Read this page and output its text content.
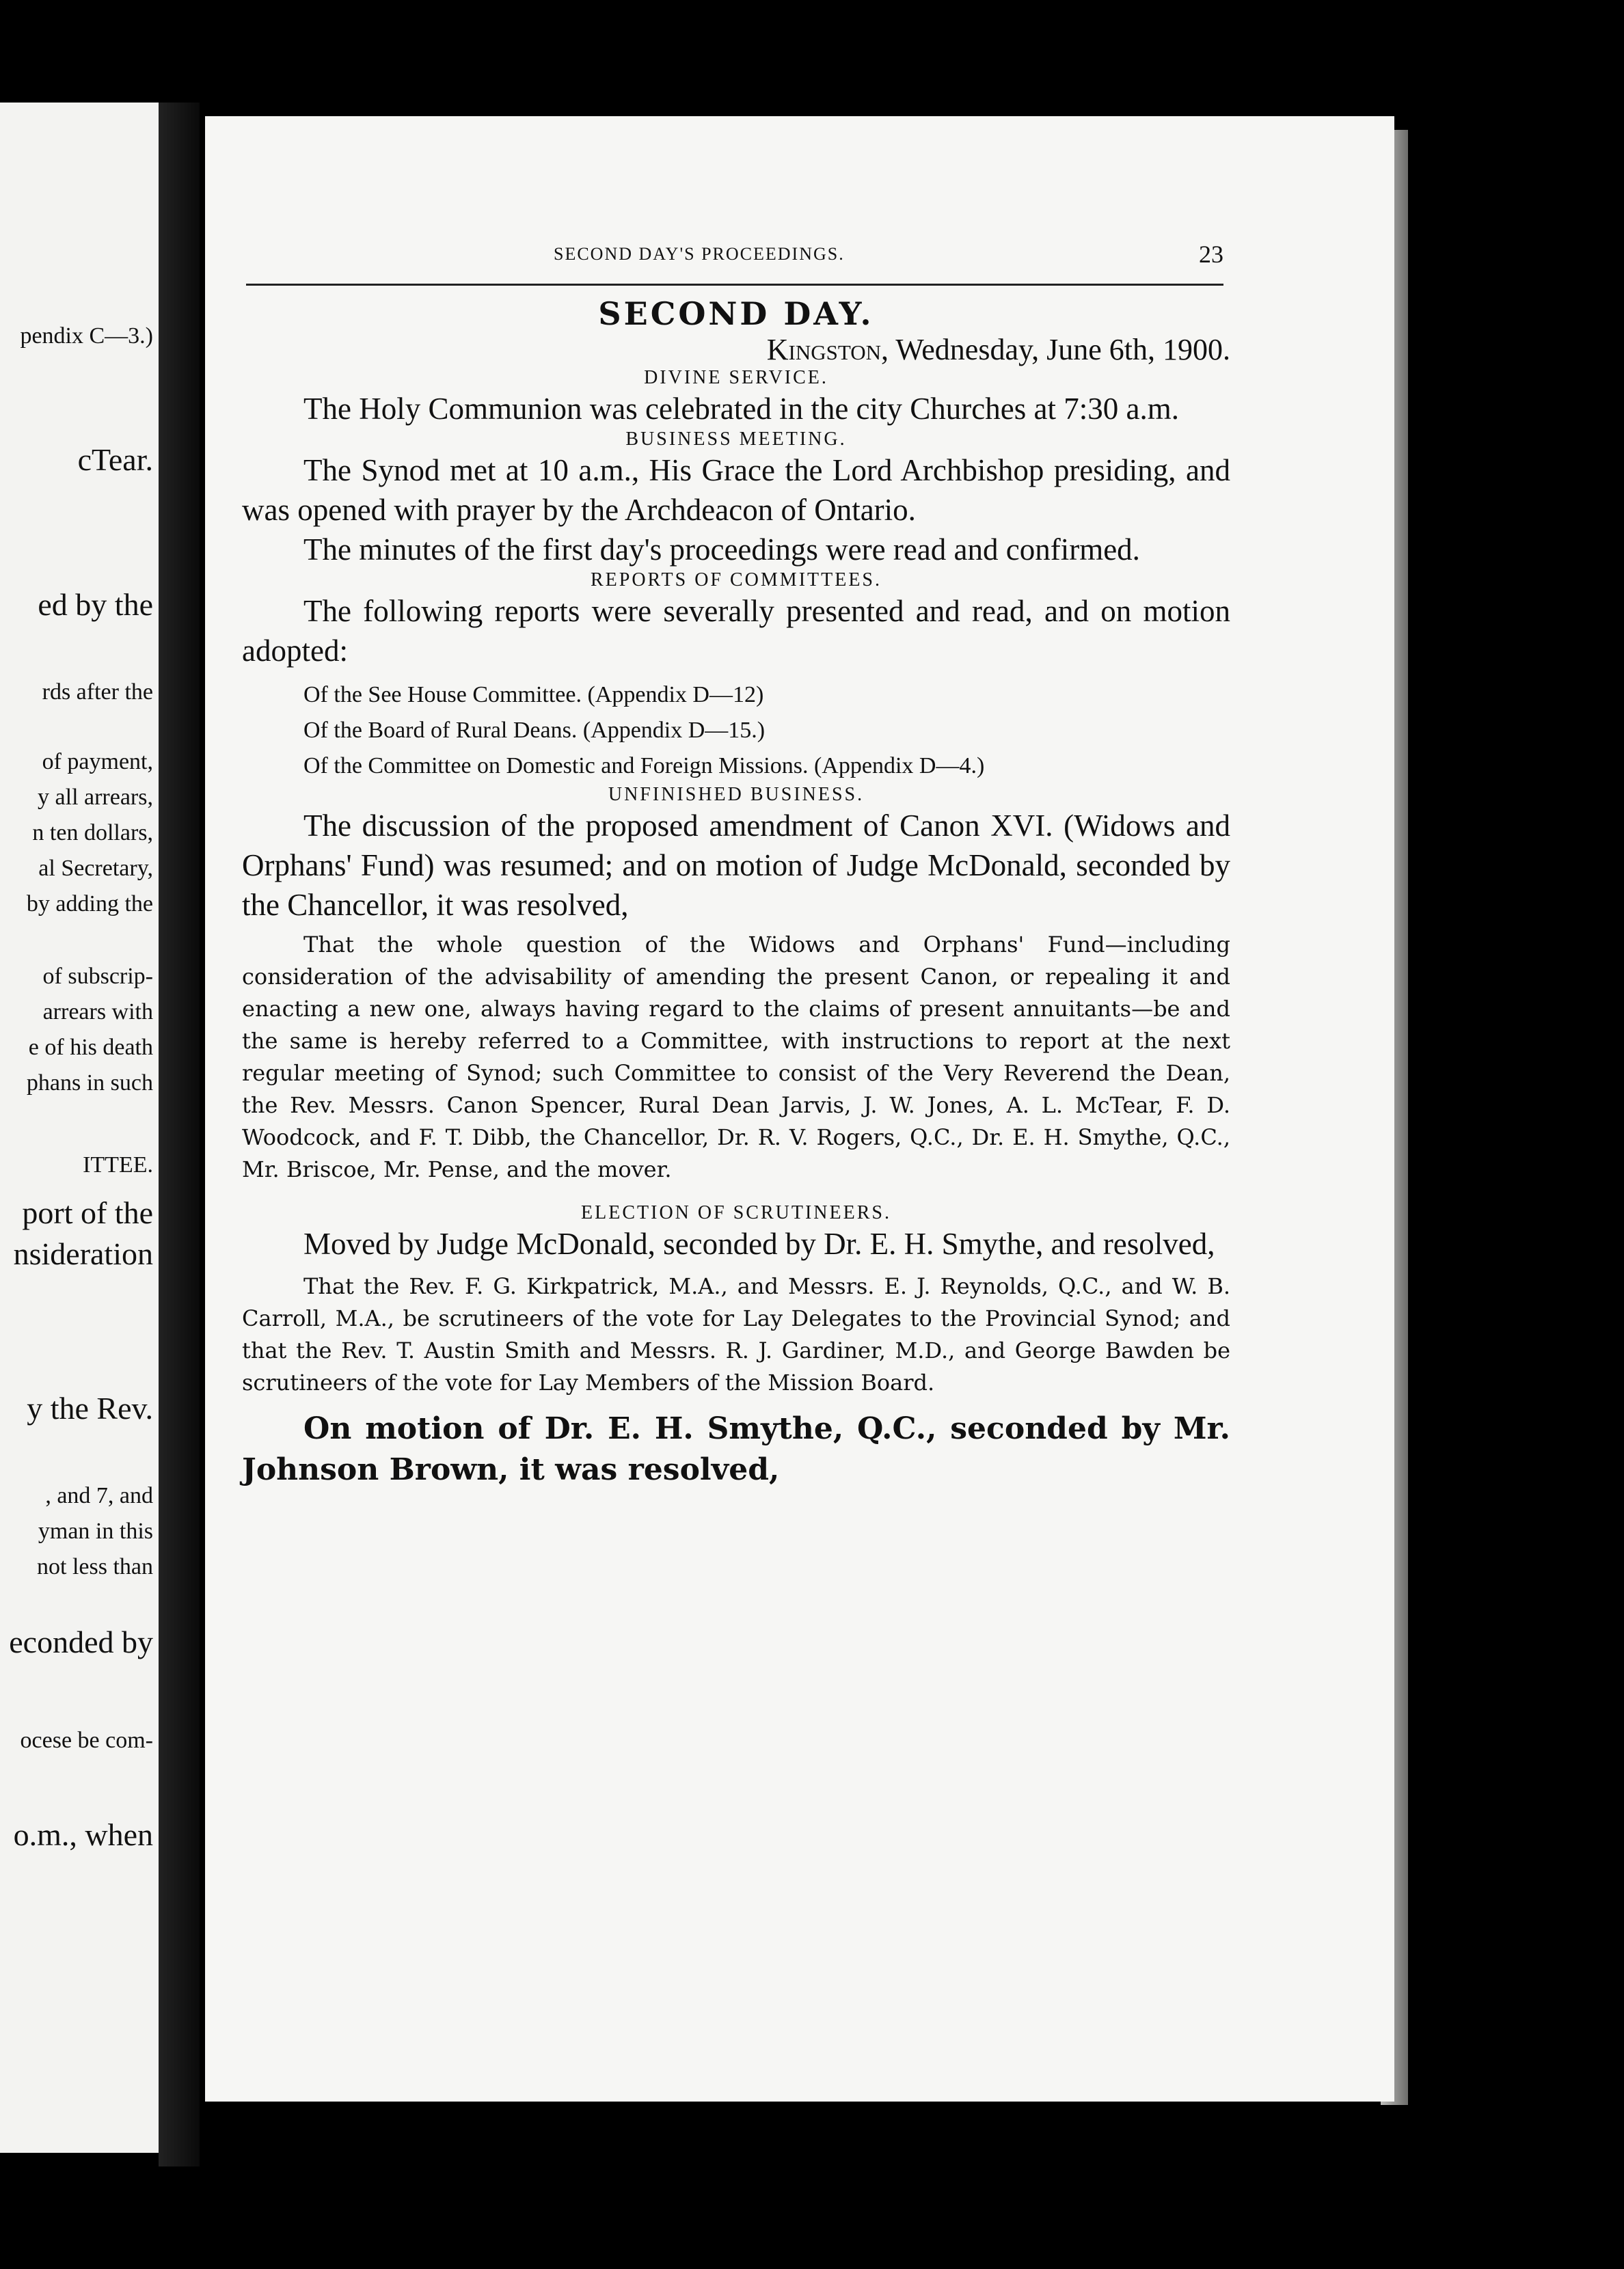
pendix C—3.)
cTear.
ed by the
rds after the
of payment,
y all arrears,
n ten dollars,
al Secretary,
by adding the
of subscrip-
arrears with
e of his death
phans in such
ITTEE.
port of the
nsideration
y the Rev.
, and 7, and
yman in this
not less than
econded by
ocese be com-
o.m., when
SECOND DAY'S PROCEEDINGS.	23

SECOND DAY.

Kingston, Wednesday, June 6th, 1900.

DIVINE SERVICE.

The Holy Communion was celebrated in the city Churches at 7:30 a.m.

BUSINESS MEETING.

The Synod met at 10 a.m., His Grace the Lord Archbishop presiding, and was opened with prayer by the Archdeacon of Ontario.

The minutes of the first day's proceedings were read and confirmed.

REPORTS OF COMMITTEES.

The following reports were severally presented and read, and on motion adopted:

Of the See House Committee. (Appendix D—12)

Of the Board of Rural Deans. (Appendix D—15.)

Of the Committee on Domestic and Foreign Missions. (Appendix D—4.)

UNFINISHED BUSINESS.

The discussion of the proposed amendment of Canon XVI. (Widows and Orphans' Fund) was resumed; and on motion of Judge McDonald, seconded by the Chancellor, it was resolved,

That the whole question of the Widows and Orphans' Fund—including consideration of the advisability of amending the present Canon, or repealing it and enacting a new one, always having regard to the claims of present annuitants—be and the same is hereby referred to a Committee, with instructions to report at the next regular meeting of Synod; such Committee to consist of the Very Reverend the Dean, the Rev. Messrs. Canon Spencer, Rural Dean Jarvis, J. W. Jones, A. L. McTear, F. D. Woodcock, and F. T. Dibb, the Chancellor, Dr. R. V. Rogers, Q.C., Dr. E. H. Smythe, Q.C., Mr. Briscoe, Mr. Pense, and the mover.

ELECTION OF SCRUTINEERS.

Moved by Judge McDonald, seconded by Dr. E. H. Smythe, and resolved,

That the Rev. F. G. Kirkpatrick, M.A., and Messrs. E. J. Reynolds, Q.C., and W. B. Carroll, M.A., be scrutineers of the vote for Lay Delegates to the Provincial Synod; and that the Rev. T. Austin Smith and Messrs. R. J. Gardiner, M.D., and George Bawden be scrutineers of the vote for Lay Members of the Mission Board.

On motion of Dr. E. H. Smythe, Q.C., seconded by Mr. Johnson Brown, it was resolved,
